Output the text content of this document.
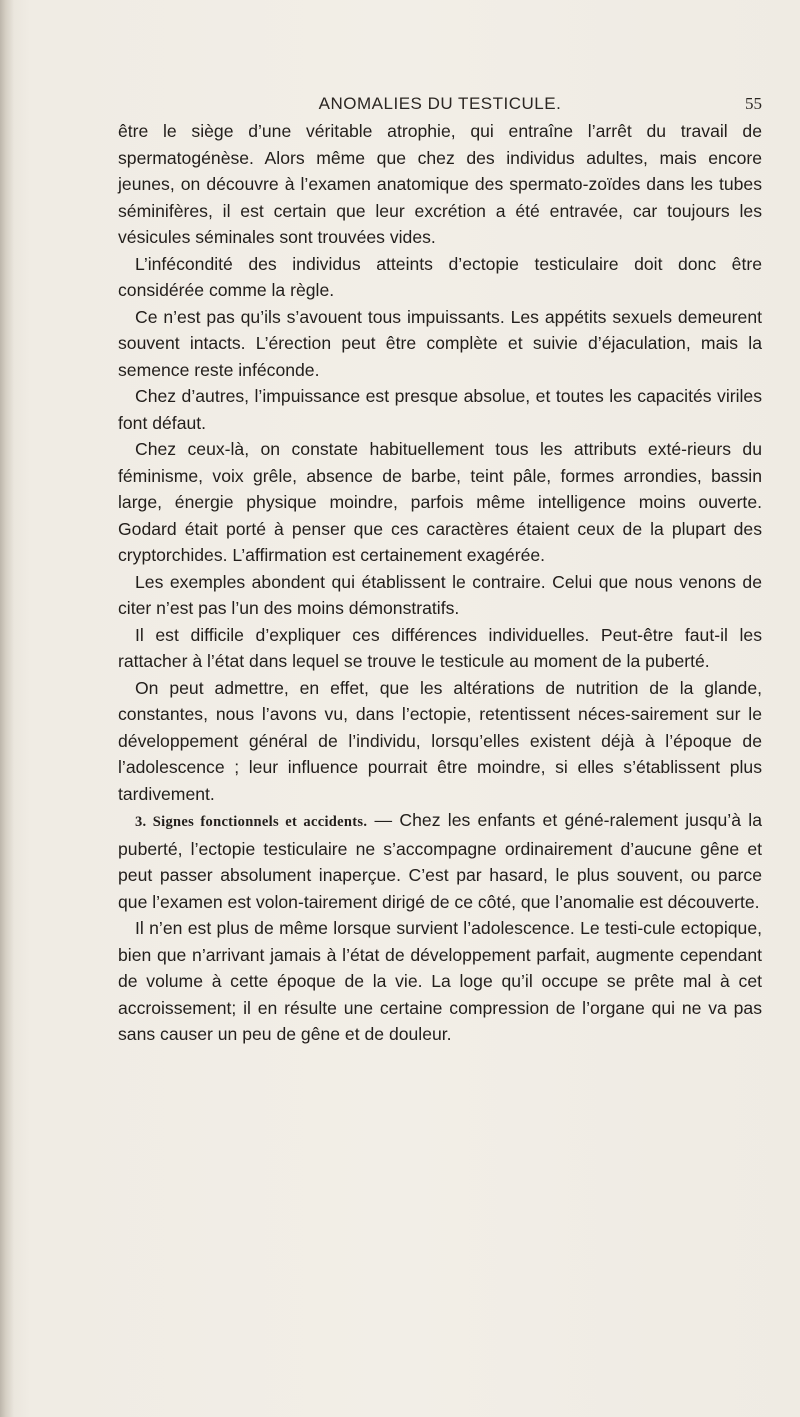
ANOMALIES DU TESTICULE.	55

être le siège d’une véritable atrophie, qui entraîne l’arrêt du travail de spermatogénèse. Alors même que chez des individus adultes, mais encore jeunes, on découvre à l’examen anatomique des spermato-zoïdes dans les tubes séminifères, il est certain que leur excrétion a été entravée, car toujours les vésicules séminales sont trouvées vides.

L’infécondité des individus atteints d’ectopie testiculaire doit donc être considérée comme la règle.

Ce n’est pas qu’ils s’avouent tous impuissants. Les appétits sexuels demeurent souvent intacts. L’érection peut être complète et suivie d’éjaculation, mais la semence reste inféconde.

Chez d’autres, l’impuissance est presque absolue, et toutes les capacités viriles font défaut.

Chez ceux-là, on constate habituellement tous les attributs exté-rieurs du féminisme, voix grêle, absence de barbe, teint pâle, formes arrondies, bassin large, énergie physique moindre, parfois même intelligence moins ouverte. Godard était porté à penser que ces caractères étaient ceux de la plupart des cryptorchides. L’affirmation est certainement exagérée.

Les exemples abondent qui établissent le contraire. Celui que nous venons de citer n’est pas l’un des moins démonstratifs.

Il est difficile d’expliquer ces différences individuelles. Peut-être faut-il les rattacher à l’état dans lequel se trouve le testicule au moment de la puberté.

On peut admettre, en effet, que les altérations de nutrition de la glande, constantes, nous l’avons vu, dans l’ectopie, retentissent néces-sairement sur le développement général de l’individu, lorsqu’elles existent déjà à l’époque de l’adolescence ; leur influence pourrait être moindre, si elles s’établissent plus tardivement.

3. Signes fonctionnels et accidents. — Chez les enfants et géné-ralement jusqu’à la puberté, l’ectopie testiculaire ne s’accompagne ordinairement d’aucune gêne et peut passer absolument inaperçue. C’est par hasard, le plus souvent, ou parce que l’examen est volon-tairement dirigé de ce côté, que l’anomalie est découverte.

Il n’en est plus de même lorsque survient l’adolescence. Le testi-cule ectopique, bien que n’arrivant jamais à l’état de développement parfait, augmente cependant de volume à cette époque de la vie. La loge qu’il occupe se prête mal à cet accroissement; il en résulte une certaine compression de l’organe qui ne va pas sans causer un peu de gêne et de douleur.
